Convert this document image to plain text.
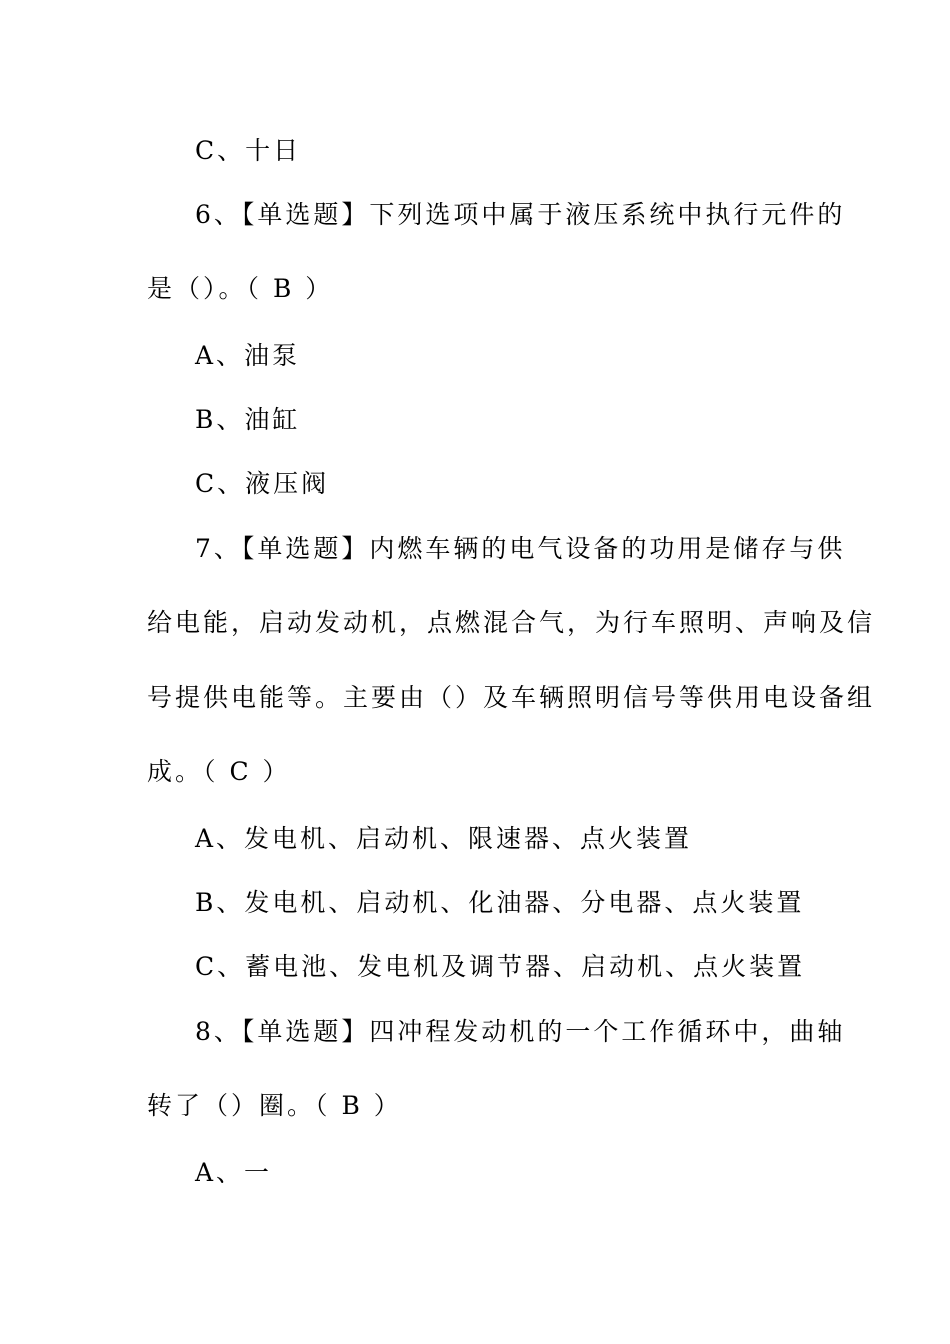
C、十日
6、【单选题】下列选项中属于液压系统中执行元件的
是（）。（ B ）
A、油泵
B、油缸
C、液压阀
7、【单选题】内燃车辆的电气设备的功用是储存与供
给电能，启动发动机，点燃混合气，为行车照明、声响及信
号提供电能等。主要由（）及车辆照明信号等供用电设备组
成。（ C ）
A、发电机、启动机、限速器、点火装置
B、发电机、启动机、化油器、分电器、点火装置
C、蓄电池、发电机及调节器、启动机、点火装置
8、【单选题】四冲程发动机的一个工作循环中，曲轴
转了（）圈。（ B ）
A、一
